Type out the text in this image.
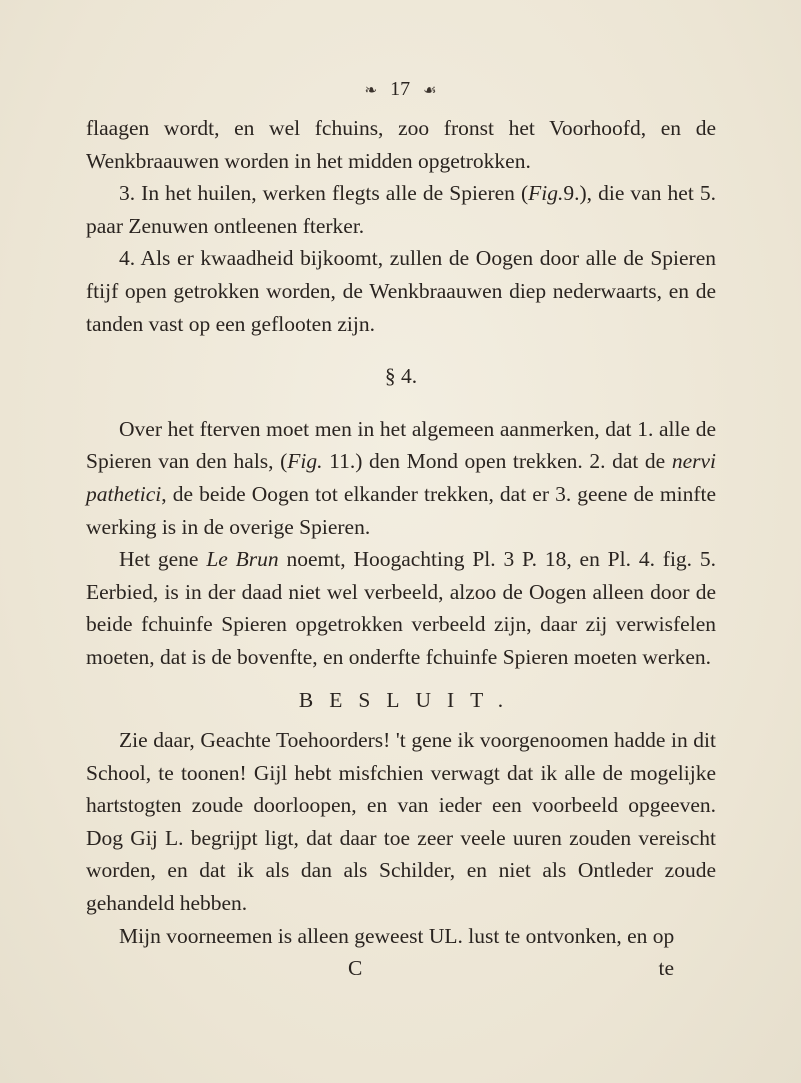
❧ 17 ☙

flaagen wordt, en wel fchuins, zoo fronst het Voorhoofd, en de Wenkbraauwen worden in het midden opgetrokken.

3. In het huilen, werken flegts alle de Spieren (Fig.9.), die van het 5. paar Zenuwen ontleenen fterker.

4. Als er kwaadheid bijkoomt, zullen de Oogen door alle de Spieren ftijf open getrokken worden, de Wenkbraauwen diep nederwaarts, en de tanden vast op een geflooten zijn.

§ 4.

Over het fterven moet men in het algemeen aanmerken, dat 1. alle de Spieren van den hals, (Fig. 11.) den Mond open trekken. 2. dat de nervi pathetici, de beide Oogen tot elkander trekken, dat er 3. geene de minfte werking is in de overige Spieren.

Het gene Le Brun noemt, Hoogachting Pl. 3 P. 18, en Pl. 4. fig. 5. Eerbied, is in der daad niet wel verbeeld, alzoo de Oogen alleen door de beide fchuinfe Spieren opgetrokken verbeeld zijn, daar zij verwisfelen moeten, dat is de bovenfte, en onderfte fchuinfe Spieren moeten werken.

BESLUIT.

Zie daar, Geachte Toehoorders! 't gene ik voorgenoomen hadde in dit School, te toonen! Gijl hebt misfchien verwagt dat ik alle de mogelijke hartstogten zoude doorloopen, en van ieder een voorbeeld opgeeven. Dog Gij L. begrijpt ligt, dat daar toe zeer veele uuren zouden vereischt worden, en dat ik als dan als Schilder, en niet als Ontleder zoude gehandeld hebben.

Mijn voorneemen is alleen geweest UL. lust te ontvonken, en op

C	te
